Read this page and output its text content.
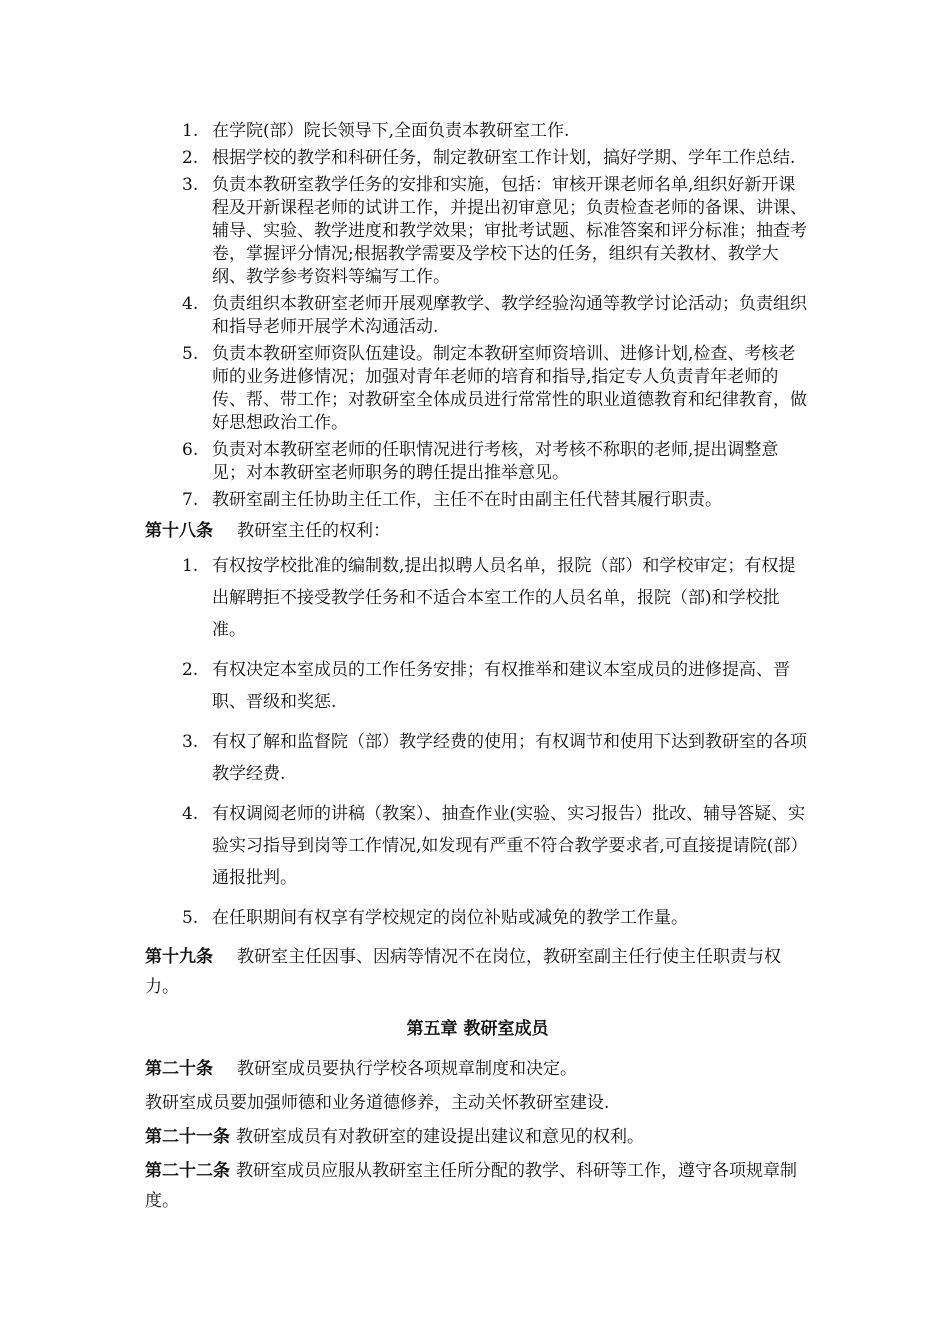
1. 在学院(部）院长领导下,全面负责本教研室工作.
2. 根据学校的教学和科研任务，制定教研室工作计划，搞好学期、学年工作总结.
3. 负责本教研室教学任务的安排和实施，包括：审核开课老师名单,组织好新开课程及开新课程老师的试讲工作，并提出初审意见；负责检查老师的备课、讲课、辅导、实验、教学进度和教学效果；审批考试题、标准答案和评分标准；抽查考卷，掌握评分情况;根据教学需要及学校下达的任务，组织有关教材、教学大纲、教学参考资料等编写工作。
4. 负责组织本教研室老师开展观摩教学、教学经验沟通等教学讨论活动；负责组织和指导老师开展学术沟通活动.
5. 负责本教研室师资队伍建设。制定本教研室师资培训、进修计划,检查、考核老师的业务进修情况；加强对青年老师的培育和指导,指定专人负责青年老师的传、帮、带工作；对教研室全体成员进行常常性的职业道德教育和纪律教育，做好思想政治工作。
6. 负责对本教研室老师的任职情况进行考核，对考核不称职的老师,提出调整意见；对本教研室老师职务的聘任提出推举意见。
7. 教研室副主任协助主任工作，主任不在时由副主任代替其履行职责。

第十八条 教研室主任的权利：

1. 有权按学校批准的编制数,提出拟聘人员名单，报院（部）和学校审定；有权提出解聘拒不接受教学任务和不适合本室工作的人员名单，报院（部)和学校批准。
2. 有权决定本室成员的工作任务安排；有权推举和建议本室成员的进修提高、晋职、晋级和奖惩.
3. 有权了解和监督院（部）教学经费的使用；有权调节和使用下达到教研室的各项教学经费.
4. 有权调阅老师的讲稿（教案）、抽查作业(实验、实习报告）批改、辅导答疑、实验实习指导到岗等工作情况,如发现有严重不符合教学要求者,可直接提请院(部）通报批判。
5. 在任职期间有权享有学校规定的岗位补贴或减免的教学工作量。

第十九条 教研室主任因事、因病等情况不在岗位，教研室副主任行使主任职责与权力。

第五章 教研室成员

第二十条 教研室成员要执行学校各项规章制度和决定。

教研室成员要加强师德和业务道德修养，主动关怀教研室建设.

第二十一条 教研室成员有对教研室的建设提出建议和意见的权利。

第二十二条 教研室成员应服从教研室主任所分配的教学、科研等工作，遵守各项规章制度。
